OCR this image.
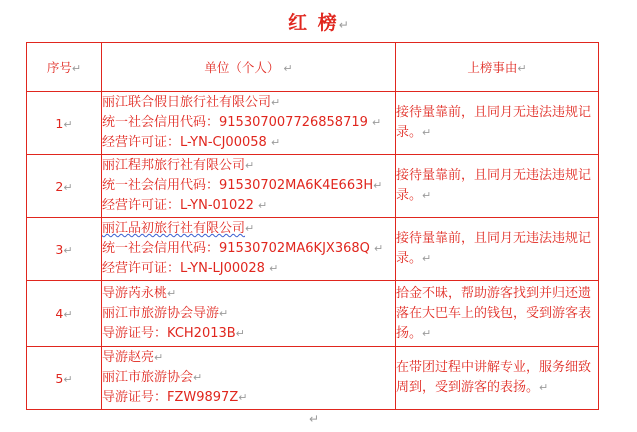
红 榜↵
序号↵	单位（个人） ↵	上榜事由↵
1↵	丽江联合假日旅行社有限公司↵
统一社会信用代码：915307007726858719 ↵
经营许可证：L-YN-CJ00058 ↵	接待量靠前，且同月无违法违规记录。↵
2↵	丽江程邦旅行社有限公司↵
统一社会信用代码：91530702MA6K4E663H↵
经营许可证：L-YN-01022 ↵	接待量靠前，且同月无违法违规记录。↵
3↵	丽江品初旅行社有限公司↵
统一社会信用代码：91530702MA6KJX368Q ↵
经营许可证：L-YN-LJ00028 ↵	接待量靠前，且同月无违法违规记录。↵
4↵	导游芮永桃↵
丽江市旅游协会导游↵
导游证号：KCH2013B↵	拾金不昧，帮助游客找到并归还遗落在大巴车上的钱包，受到游客表扬。↵
5↵	导游赵亮↵
丽江市旅游协会↵
导游证号：FZW9897Z↵	在带团过程中讲解专业，服务细致周到，受到游客的表扬。↵
↵
